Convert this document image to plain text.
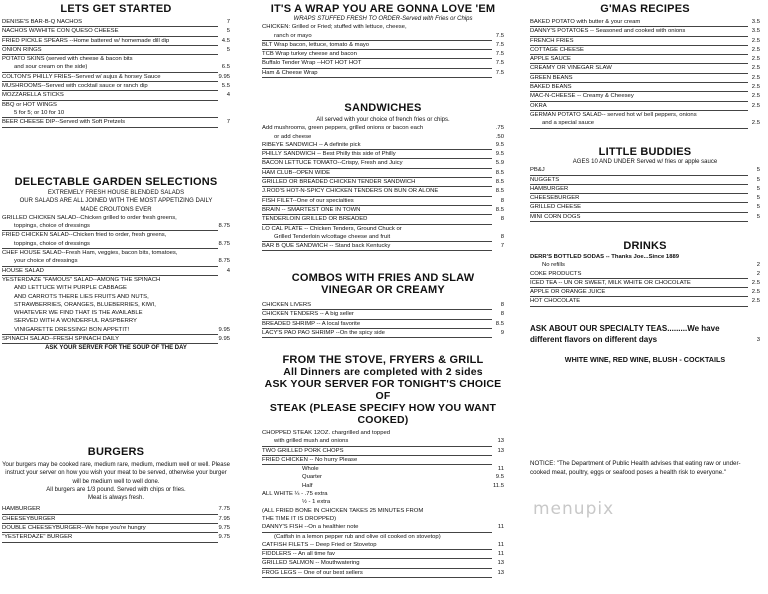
LETS GET STARTED
DENISE'S BAR-B-Q NACHOS	7
NACHOS W/WHITE CON QUESO CHEESE	5
FRIED PICKLE SPEARS --Home battered w/ homemade dill dip	4.5
ONION RINGS	5
POTATO SKINS (served with cheese & bacon bits
and sour cream on the side)	6.5
COLTON'S PHILLY FRIES--Served w/ aujus & horsey Sauce	9.95
MUSHROOMS--Served with cocktail sauce or ranch dip	5.5
MOZZARELLA STICKS	4
BBQ or HOT WINGS
5 for 5; or 10 for 10
BEER CHEESE DIP--Served with Soft Pretzels	7
DELECTABLE GARDEN SELECTIONS
EXTREMELY FRESH HOUSE BLENDED SALADS
OUR SALADS ARE ALL JOINED WITH THE MOST APPETIZING DAILY
MADE CROUTONS EVER
GRILLED CHICKEN SALAD--Chicken grilled to order fresh greens,
toppings, choice of dressings	8.75
FRIED CHICKEN SALAD--Chicken fried to order, fresh greens,
toppings, choice of dressings	8.75
CHEF HOUSE SALAD--Fresh Ham, veggies, bacon bits, tomatoes,
your choice of dressings	8.75
HOUSE SALAD	4
YESTERDAZE "FAMOUS" SALAD--AMONG THE SPINACH
AND LETTUCE WITH PURPLE CABBAGE
AND CARROTS THERE LIES FRUITS AND NUTS,
STRAWBERRIES, ORANGES, BLUEBERRIES, KIWI,
WHATEVER WE FIND THAT IS THE AVAILABLE
SERVED WITH A WONDERFUL RASPBERRY
VINIGARETTE DRESSING! BON APPETIT!	9.95
SPINACH SALAD--FRESH SPINACH DAILY	9.95
ASK YOUR SERVER FOR THE SOUP OF THE DAY
BURGERS
Your burgers may be cooked rare, medium rare, medium, medium well or well. Please instruct your server on how you wish your meat to be served, otherwise your burger will be medium well to well done.
All burgers are 1/3 pound. Served with chips or fries.
Meat is always fresh.
HAMBURGER	7.75
CHEESEYBURGER	7.95
DOUBLE CHEESEYBURGER--We hope you're hungry	9.75
"YESTERDAZE" BURGER	9.75
IT'S A WRAP YOU ARE GONNA LOVE 'EM
WRAPS STUFFED FRESH TO ORDER-Served with Fries or Chips
CHICKEN: Grilled or Fried; stuffed with lettuce, cheese,
ranch or mayo	7.5
BLT Wrap bacon, lettuce, tomato & mayo	7.5
TCB Wrap turkey cheese and bacon	7.5
Buffalo Tender Wrap --HOT HOT HOT	7.5
Ham & Cheese Wrap	7.5
SANDWICHES
All served with your choice of french fries or chips.
Add mushrooms, green peppers, grilled onions or bacon each	.75
or add cheese	.50
RIBEYE SANDWICH -- A definite pick	9.5
PHILLY SANDWICH -- Best Philly this side of Philly	9.5
BACON LETTUCE TOMATO--Crispy, Fresh and Juicy	5.9
HAM CLUB--OPEN WIDE	8.5
GRILLED OR BREADED CHICKEN TENDER SANDWICH	8.5
J.ROD'S HOT-N-SPICY CHICKEN TENDERS ON BUN OR ALONE	8.5
FISH FILET--One of our specialties	8
BRAIN -- SMARTEST ONE IN TOWN	8.5
TENDERLOIN GRILLED OR BREADED	8
LO CAL PLATE -- Chicken Tenders, Ground Chuck or
Grilled Tenderloin w/cottage cheese and fruit	8
BAR B QUE SANDWICH -- Stand back Kentucky	7
COMBOS WITH FRIES AND SLAW
VINEGAR OR CREAMY
CHICKEN LIVERS	8
CHICKEN TENDERS -- A big seller	8
BREADED SHRIMP -- A local favorite	8.5
LACY'S PAO PAO SHRIMP --On the spicy side	9
FROM THE STOVE, FRYERS & GRILL
All Dinners are completed with 2 sides
ASK YOUR SERVER FOR TONIGHT'S CHOICE OF
STEAK (PLEASE SPECIFY HOW YOU WANT
COOKED)
CHOPPED STEAK 12OZ. chargrilled and topped
with grilled mush and onions	13
TWO GRILLED PORK CHOPS	13
FRIED CHICKEN -- No hurry Please
Whole	11
Quarter	9.5
Half	11.5
ALL WHITE ¼ - .75 extra
½ - 1 extra
(ALL FRIED BONE IN CHICKEN TAKES 25 MINUTES FROM
THE TIME IT IS DROPPED)
DANNY'S FISH --On a healthier note	11
(Catfish in a lemon pepper rub and olive oil cooked on stovetop)
CATFISH FILETS -- Deep Fried or Stovetop	11
FIDDLERS -- An all time fav	11
GRILLED SALMON -- Mouthwatering	13
FROG LEGS -- One of our best sellers	13
G'MAS RECIPES
BAKED POTATO with butter & your cream	3.5
DANNY'S POTATOES -- Seasoned and cooked with onions	3.5
FRENCH FRIES	2.5
COTTAGE CHEESE	2.5
APPLE SAUCE	2.5
CREAMY OR VINEGAR SLAW	2.5
GREEN BEANS	2.5
BAKED BEANS	2.5
MAC-N-CHEESE -- Creamy & Cheesey	2.5
OKRA	2.5
GERMAN POTATO SALAD-- served hot w/ bell peppers, onions
and a special sauce	2.5
LITTLE BUDDIES
AGES 10 AND UNDER Served w/ fries or apple sauce
PB&J	5
NUGGETS	5
HAMBURGER	5
CHEESEBURGER	5
GRILLED CHEESE	5
MINI CORN DOGS	5
DRINKS
DERR'S BOTTLED SODAS -- Thanks Joe...Since 1889
No refills	2
COKE PRODUCTS	2
ICED TEA -- UN OR SWEET, MILK WHITE OR CHOCOLATE	2.5
APPLE OR ORANGE JUICE	2.5
HOT CHOCOLATE	2.5
ASK ABOUT OUR SPECIALTY TEAS.........We have
different flavors on different days	3
WHITE WINE, RED WINE, BLUSH - COCKTAILS
NOTICE: "The Department of Public Health advises that eating raw or under-cooked meat, poultry, eggs or seafood poses a health risk to everyone."
menupix
